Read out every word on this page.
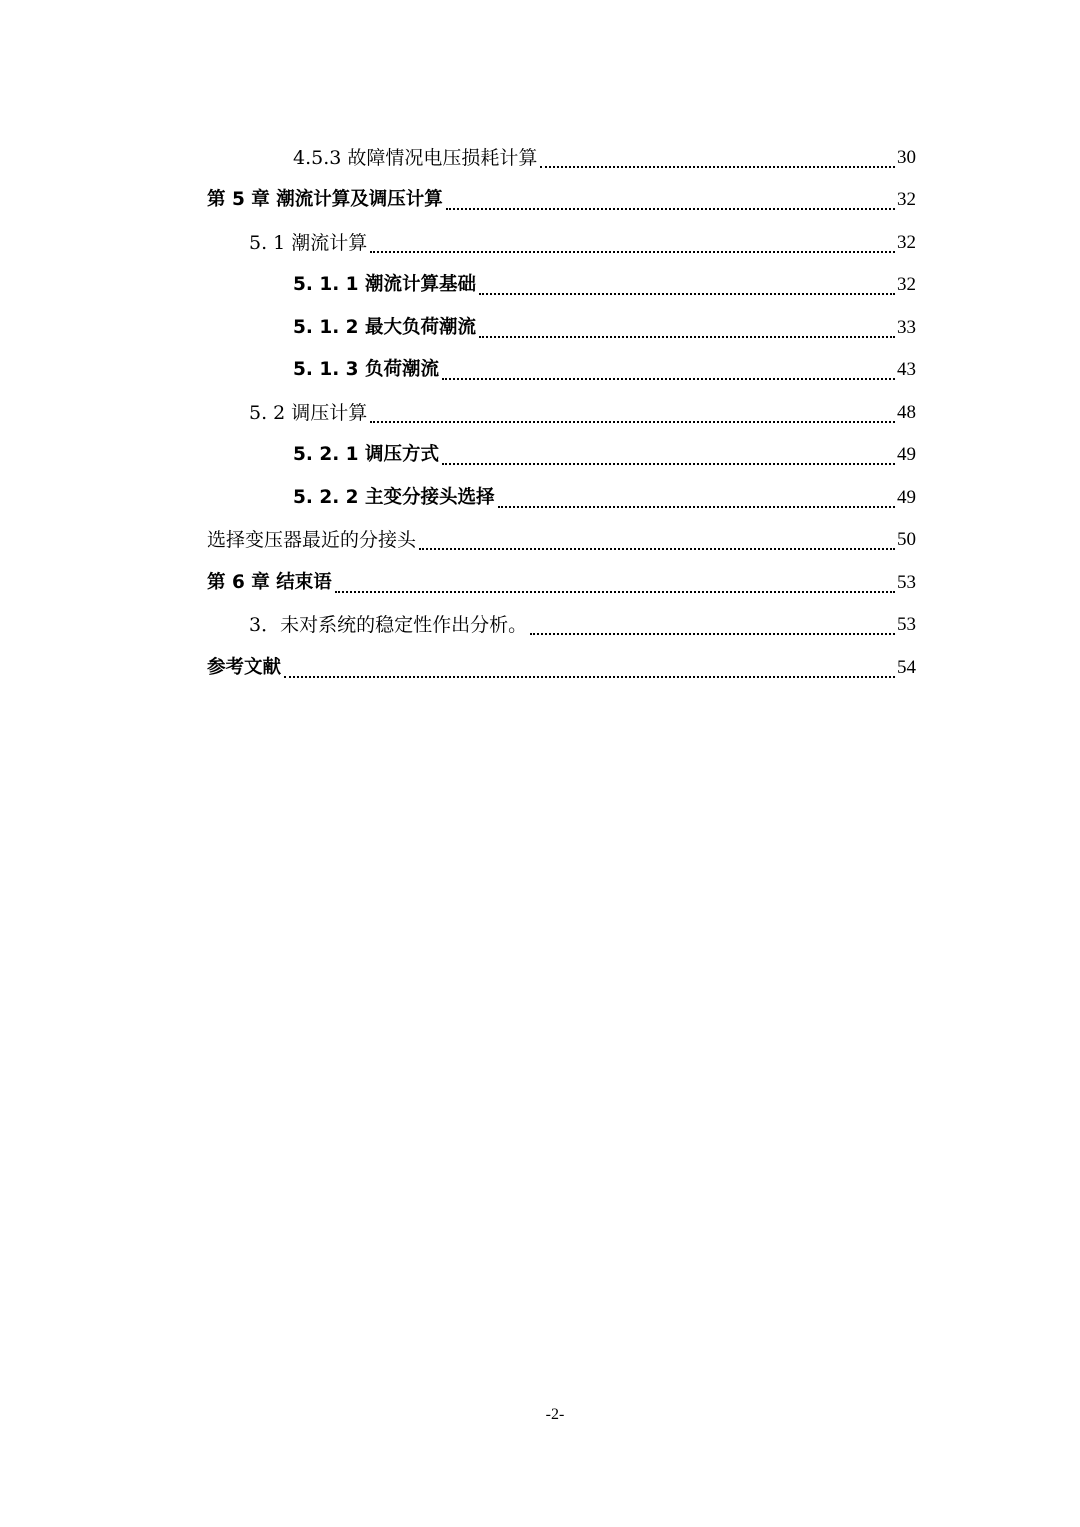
4.5.3 故障情况电压损耗计算	30
第 5 章 潮流计算及调压计算	32
5. 1 潮流计算	32
5. 1. 1 潮流计算基础	32
5. 1. 2 最大负荷潮流	33
5. 1. 3 负荷潮流	43
5. 2 调压计算	48
5. 2. 1 调压方式	49
5. 2. 2 主变分接头选择	49
选择变压器最近的分接头	50
第 6 章 结束语	53
3．未对系统的稳定性作出分析。	53
参考文献	54
-2-
